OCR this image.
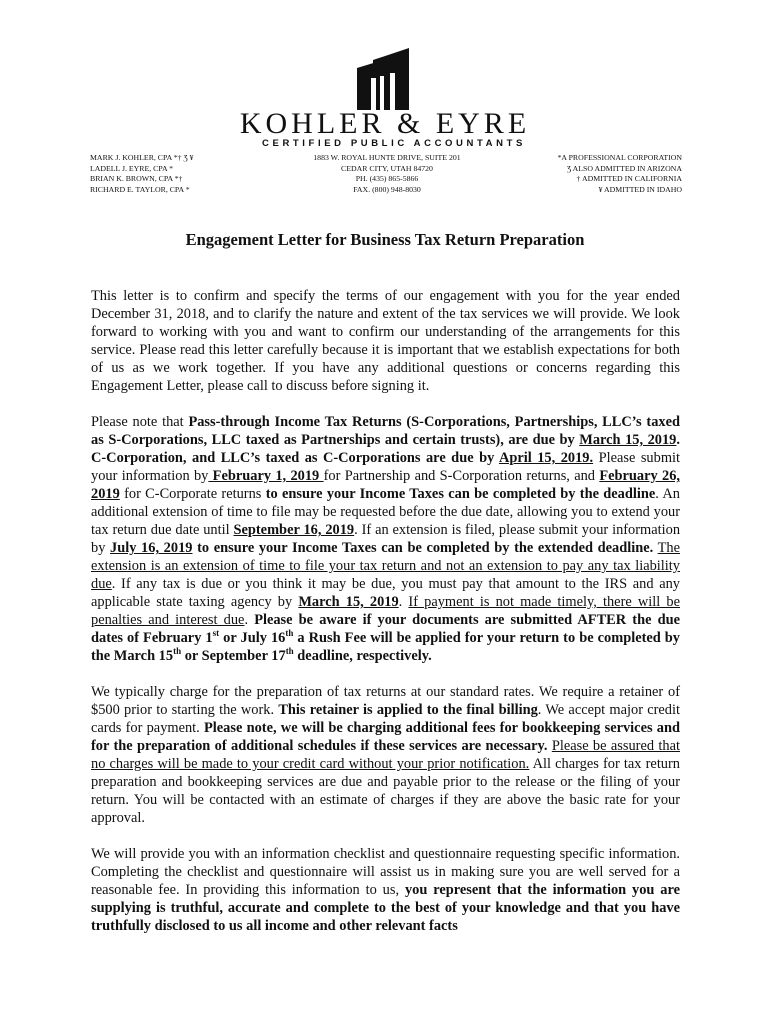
KOHLER & EYRE
CERTIFIED PUBLIC ACCOUNTANTS
MARK J. KOHLER, CPA *† Ʒ ¥
LADELL J. EYRE, CPA *
BRIAN K. BROWN, CPA *†
RICHARD E. TAYLOR, CPA *
1883 W. ROYAL HUNTE DRIVE, SUITE 201
CEDAR CITY, UTAH 84720
PH. (435) 865-5866
FAX. (800) 948-8030
*A PROFESSIONAL CORPORATION
Ʒ ALSO ADMITTED IN ARIZONA
† ADMITTED IN CALIFORNIA
¥ ADMITTED IN IDAHO
Engagement Letter for Business Tax Return Preparation

This letter is to confirm and specify the terms of our engagement with you for the year ended December 31, 2018, and to clarify the nature and extent of the tax services we will provide. We look forward to working with you and want to confirm our understanding of the arrangements for this service. Please read this letter carefully because it is important that we establish expectations for both of us as we work together. If you have any additional questions or concerns regarding this Engagement Letter, please call to discuss before signing it.

Please note that Pass-through Income Tax Returns (S-Corporations, Partnerships, LLC’s taxed as S-Corporations, LLC taxed as Partnerships and certain trusts), are due by March 15, 2019. C-Corporation, and LLC’s taxed as C-Corporations are due by April 15, 2019. Please submit your information by February 1, 2019 for Partnership and S-Corporation returns, and February 26, 2019 for C-Corporate returns to ensure your Income Taxes can be completed by the deadline. An additional extension of time to file may be requested before the due date, allowing you to extend your tax return due date until September 16, 2019. If an extension is filed, please submit your information by July 16, 2019 to ensure your Income Taxes can be completed by the extended deadline. The extension is an extension of time to file your tax return and not an extension to pay any tax liability due. If any tax is due or you think it may be due, you must pay that amount to the IRS and any applicable state taxing agency by March 15, 2019. If payment is not made timely, there will be penalties and interest due. Please be aware if your documents are submitted AFTER the due dates of February 1st or July 16th a Rush Fee will be applied for your return to be completed by the March 15th or September 17th deadline, respectively.

We typically charge for the preparation of tax returns at our standard rates. We require a retainer of $500 prior to starting the work. This retainer is applied to the final billing. We accept major credit cards for payment. Please note, we will be charging additional fees for bookkeeping services and for the preparation of additional schedules if these services are necessary. Please be assured that no charges will be made to your credit card without your prior notification. All charges for tax return preparation and bookkeeping services are due and payable prior to the release or the filing of your return. You will be contacted with an estimate of charges if they are above the basic rate for your approval.

We will provide you with an information checklist and questionnaire requesting specific information. Completing the checklist and questionnaire will assist us in making sure you are well served for a reasonable fee. In providing this information to us, you represent that the information you are supplying is truthful, accurate and complete to the best of your knowledge and that you have truthfully disclosed to us all income and other relevant facts
